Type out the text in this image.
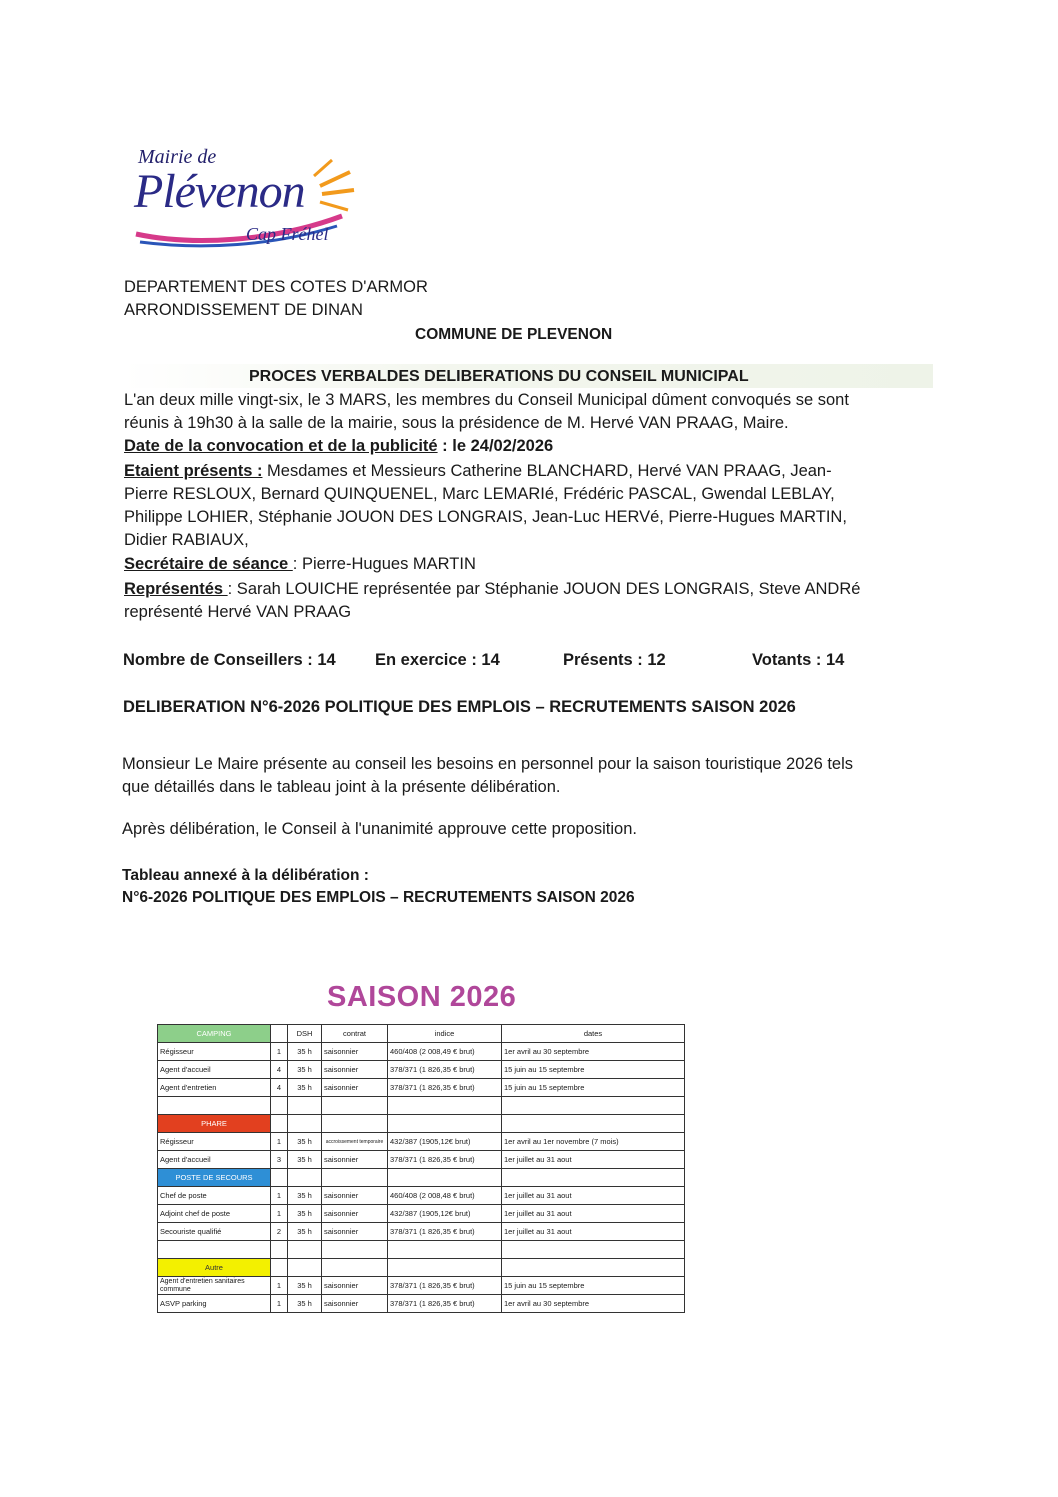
Mairie de
Plévenon
Cap Fréhel
DEPARTEMENT DES COTES D'ARMOR
ARRONDISSEMENT DE DINAN
COMMUNE DE PLEVENON
PROCES VERBALDES DELIBERATIONS DU CONSEIL MUNICIPAL
L'an deux mille vingt-six, le 3 MARS, les membres du Conseil Municipal dûment convoqués se sont
réunis à 19h30 à la salle de la mairie, sous la présidence de M. Hervé VAN PRAAG, Maire.
Date de la convocation et de la publicité : le 24/02/2026
Etaient présents : Mesdames et Messieurs Catherine BLANCHARD, Hervé VAN PRAAG, Jean-
Pierre RESLOUX, Bernard QUINQUENEL, Marc LEMARIé, Frédéric PASCAL, Gwendal LEBLAY,
Philippe LOHIER, Stéphanie JOUON DES LONGRAIS, Jean-Luc HERVé, Pierre-Hugues MARTIN,
Didier RABIAUX,
Secrétaire de séance : Pierre-Hugues MARTIN
Représentés : Sarah LOUICHE représentée par Stéphanie JOUON DES LONGRAIS, Steve ANDRé
représenté Hervé VAN PRAAG
Nombre de Conseillers : 14 En exercice : 14	Présents : 12	Votants : 14
DELIBERATION N°6-2026 POLITIQUE DES EMPLOIS – RECRUTEMENTS SAISON 2026
Monsieur Le Maire présente au conseil les besoins en personnel pour la saison touristique 2026 tels
que détaillés dans le tableau joint à la présente délibération.
Après délibération, le Conseil à l'unanimité approuve cette proposition.
Tableau annexé à la délibération :
N°6-2026 POLITIQUE DES EMPLOIS – RECRUTEMENTS SAISON 2026
SAISON 2026
CAMPING		DSH	contrat	indice	dates
Régisseur	1	35 h	saisonnier	460/408 (2 008,49 € brut)	1er avril au 30 septembre
Agent d'accueil	4	35 h	saisonnier	378/371 (1 826,35 € brut)	15 juin au 15 septembre
Agent d'entretien	4	35 h	saisonnier	378/371 (1 826,35 € brut)	15 juin au 15 septembre

PHARE					
Régisseur	1	35 h	accroissement temporaire	432/387 (1905,12€ brut)	1er avril au 1er novembre (7 mois)
Agent d'accueil	3	35 h	saisonnier	378/371 (1 826,35 € brut)	1er juillet au 31 aout
POSTE DE SECOURS					
Chef de poste	1	35 h	saisonnier	460/408 (2 008,48 € brut)	1er juillet au 31 aout
Adjoint chef de poste	1	35 h	saisonnier	432/387 (1905,12€ brut)	1er juillet au 31 aout
Secouriste qualifié	2	35 h	saisonnier	378/371 (1 826,35 € brut)	1er juillet au 31 aout

Autre					
Agent d'entretien sanitaires commune	1	35 h	saisonnier	378/371 (1 826,35 € brut)	15 juin au 15 septembre
ASVP parking	1	35 h	saisonnier	378/371 (1 826,35 € brut)	1er avril au 30 septembre
